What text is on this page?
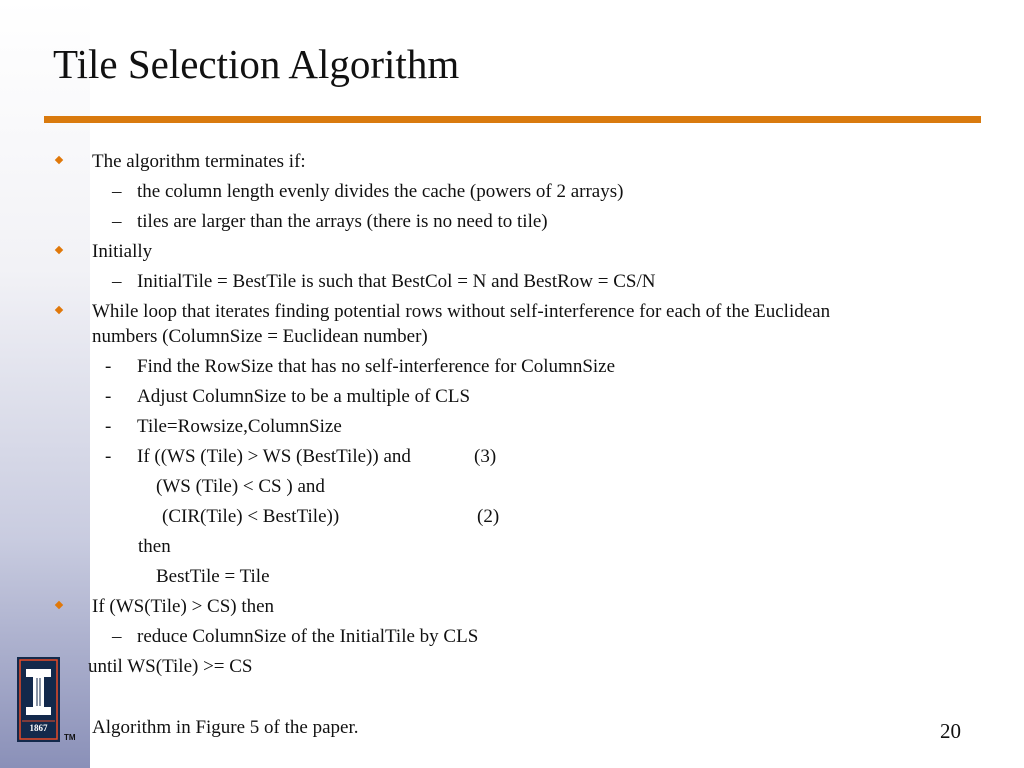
Tile Selection Algorithm
The algorithm terminates if:
– the column length evenly divides the cache (powers of 2 arrays)
– tiles are larger than the arrays (there is no need to tile)
Initially
– InitialTile = BestTile is such that BestCol = N and BestRow = CS/N
While loop that iterates finding potential rows without self-interference for each of the Euclidean
numbers (ColumnSize = Euclidean number)
- Find the RowSize that has no self-interference for ColumnSize
- Adjust ColumnSize to be a multiple of CLS
- Tile=Rowsize,ColumnSize
- If ((WS (Tile) > WS (BestTile)) and	(3)
(WS (Tile) < CS ) and
(CIR(Tile) < BestTile))	(2)
then
BestTile = Tile
If (WS(Tile) > CS) then
– reduce ColumnSize of the InitialTile by CLS
until WS(Tile) >= CS
1867
TM Algorithm in Figure 5 of the paper.	20
